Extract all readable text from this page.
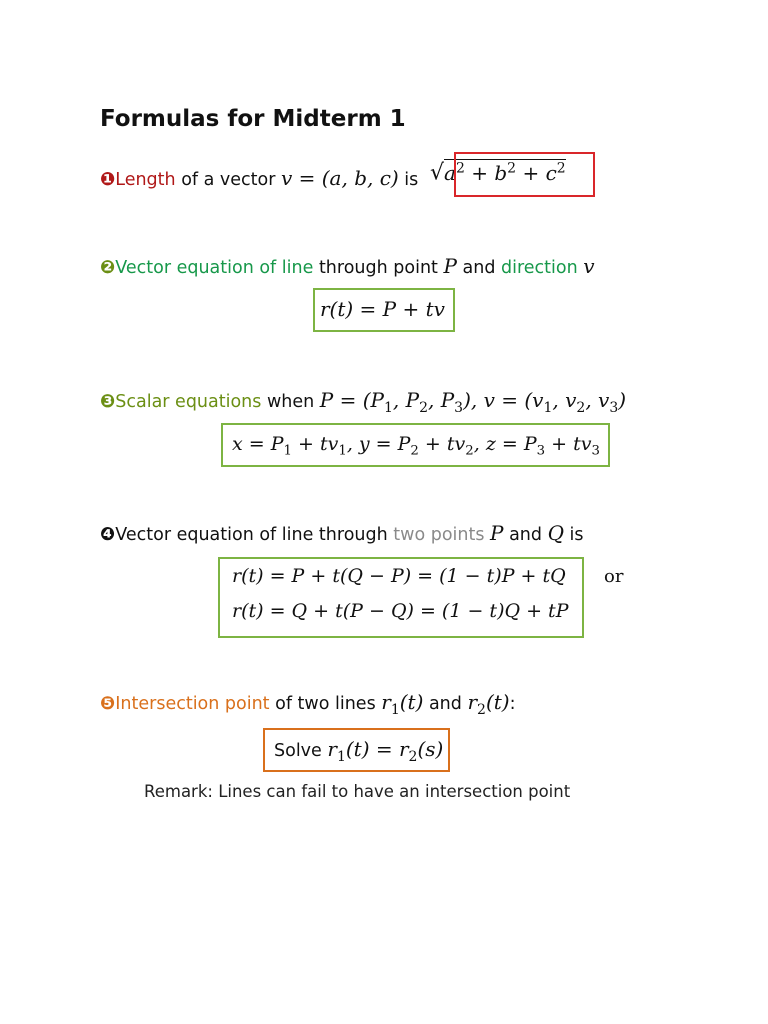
Formulas for Midterm 1
❶Length of a vector v = (a, b, c) is $√a^2 + b^2 + c^2$
❷Vector equation of line through point P and direction v
r(t) = P + tv
❸Scalar equations when $P = (P_1$, $P_2$, $P_3$), $v = (v_1$, $v_2$, $v_3$)
$x = P_1 + tv_1$, $y = P_2 + tv_2$, $z = P_3 + tv_3$
❹Vector equation of line through two points P and Q is
r(t) = P + t(Q − P) = (1 − t)P + tQ
r(t) = Q + t(P − Q) = (1 − t)Q + tP
or
❺Intersection point of two lines $r_1(t)$ and $r_2(t)$:
Solve $r_1(t) = r_2(s)$
Remark: Lines can fail to have an intersection point
